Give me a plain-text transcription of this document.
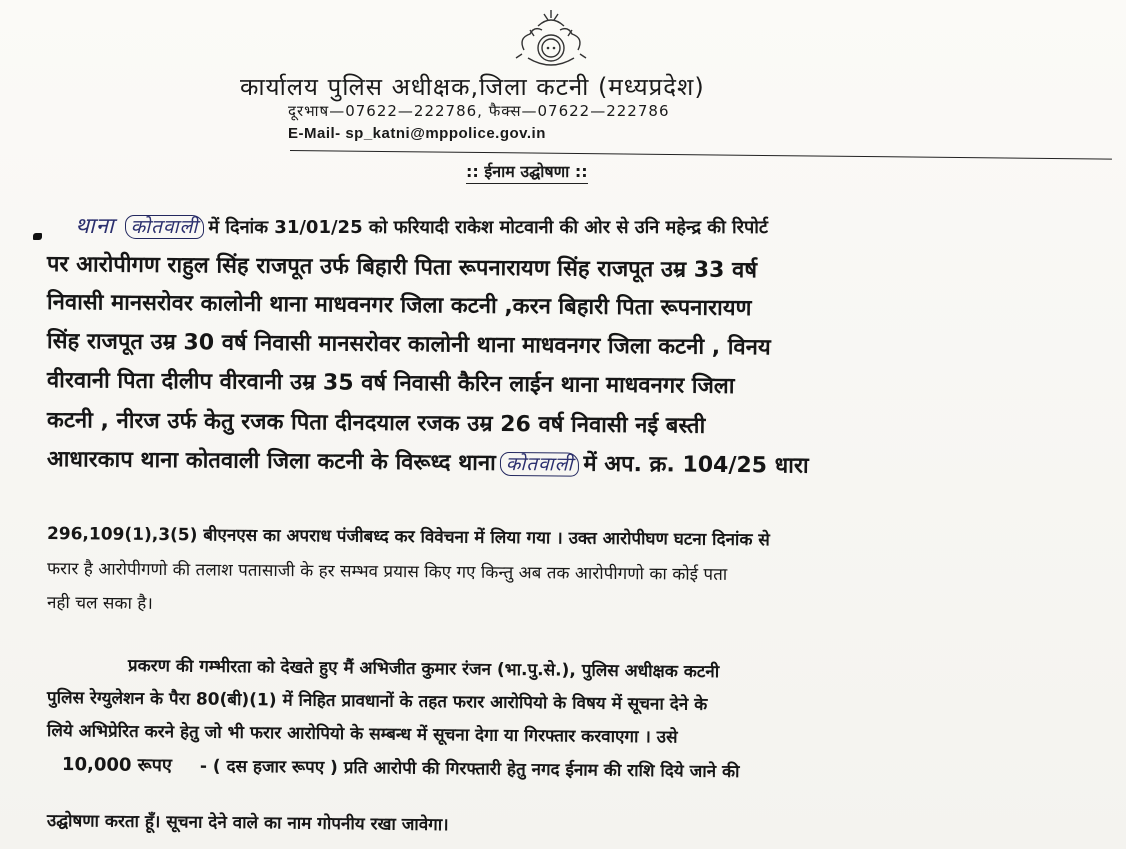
कार्यालय पुलिस अधीक्षक,जिला कटनी (मध्यप्रदेश)
दूरभाष—07622—222786, फैक्स—07622—222786
E-Mail- sp_katni@mppolice.gov.in
:: ईनाम उद्घोषणा ::
थाना कोतवाली में दिनांक 31/01/25 को फरियादी राकेश मोटवानी की ओर से उनि महेन्द्र की रिपोर्ट
पर आरोपीगण राहुल सिंह राजपूत उर्फ बिहारी पिता रूपनारायण सिंह राजपूत उम्र 33 वर्ष
निवासी मानसरोवर कालोनी थाना माधवनगर जिला कटनी ,करन बिहारी पिता रूपनारायण
सिंह राजपूत उम्र 30 वर्ष निवासी मानसरोवर कालोनी थाना माधवनगर जिला कटनी , विनय
वीरवानी पिता दीलीप वीरवानी उम्र 35 वर्ष निवासी कैरिन लाईन थाना माधवनगर जिला
कटनी , नीरज उर्फ केतु रजक पिता दीनदयाल रजक उम्र 26 वर्ष निवासी नई बस्ती
आधारकाप थाना कोतवाली जिला कटनी के विरूध्द थाना कोतवाली में अप. क्र. 104/25 धारा
296,109(1),3(5) बीएनएस का अपराध पंजीबध्द कर विवेचना में लिया गया । उक्त आरोपीघण घटना दिनांक से
फरार है आरोपीगणो की तलाश पतासाजी के हर सम्भव प्रयास किए गए किन्तु अब तक आरोपीगणो का कोई पता
नही चल सका है।
प्रकरण की गम्भीरता को देखते हुए मैं अभिजीत कुमार रंजन (भा.पु.से.), पुलिस अधीक्षक कटनी
पुलिस रेग्युलेशन के पैरा 80(बी)(1) में निहित प्रावधानों के तहत फरार आरोपियो के विषय में सूचना देने के
लिये अभिप्रेरित करने हेतु जो भी फरार आरोपियो के सम्बन्ध में सूचना देगा या गिरफ्तार करवाएगा । उसे
10,000 रूपए - ( दस हजार रूपए ) प्रति आरोपी की गिरफ्तारी हेतु नगद ईनाम की राशि दिये जाने की
उद्घोषणा करता हूँ। सूचना देने वाले का नाम गोपनीय रखा जावेगा।
